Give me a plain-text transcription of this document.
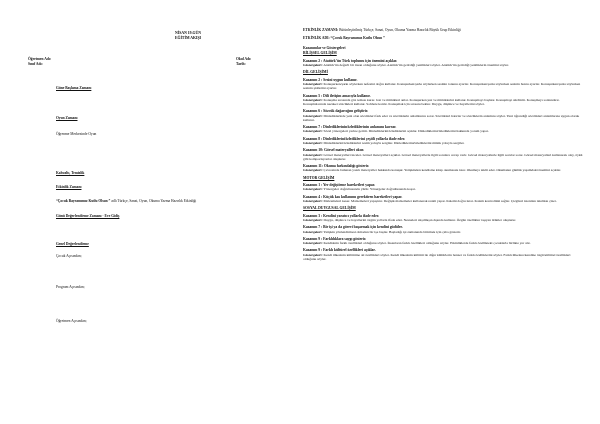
NİSAN 19.GÜN
EĞİTİM AKIŞI
Öğretmen Adı:
Sınıf Adı:
Okul Adı:
Tarih:
Güne Başlama Zamanı
Oyun Zamanı
Öğrenme Merkezinde Oyun
Kahvaltı, Temizlik
Etkinlik Zamanı
“Çocuk Bayramımız Kutlu Olsun ” adlı Türkçe, Sanat, Oyun, Okuma Yazma Hazırlık Etkinliği
Günü Değerlendirme Zamanı - Eve Gidiş
Genel Değerlendirme
Çocuk Açısından;
Program Açısından;
Öğretmen Açısından;
ETKİNLİK ZAMANI: Bütünleştirilmiş Türkçe, Sanat, Oyun, Okuma Yazma Hazırlık Büyük Grup Etkinliği
ETKİNLİK ADI: “Çocuk Bayramımız Kutlu Olsun ”
Kazanımlar ve Göstergeleri
BİLİŞSEL GELİŞİM
Kazanım 2 : Atatürk’ün Türk toplumu için önemini açıklar.
Göstergeleri: Atatürk’ün değerli bir insan olduğunu söyler. Atatürk’ün getirdiği yenilikleri söyler. Atatürk’ün getirdiği yeniliklerin önemini söyler.
DİL GELİŞİMİ
Kazanım 2 : Sesini uygun kullanır.
Göstergeleri: Konuşurken/şarkı söylerken nefesini doğru kullanır. Konuşurken/şarkı söylerken sesinin tonunu ayarlar. Konuşurken/şarkı söylerken sesinin hızını ayarlar. Konuşurken/şarkı söylerken sesinin şiddetini ayarlar.
Kazanım 5 : Dili iletişim amacıyla kullanır.
Göstergeleri: Konuşma sırasında göz teması kurar. Jest ve mimikleri anlar. Konuşurken jest ve mimiklerini kullanır. Konuşmayı başlatır. Konuşmayı sürdürür. Konuşmayı sonlandırır. Konuşmalarında nezaket sözcükleri kullanır. Sohbete katılır. Konuşmak için sırasını bekler. Duygu, düşünce ve hayallerini söyler.
Kazanım 6 : Sözcük dağarcığını geliştirir.
Göstergeleri: Dinlediklerinde yeni olan sözcükleri fark eder ve sözcüklerin anlamlarını sorar. Sözcükleri hatırlar ve sözcüklerin anlamını söyler. Yeni öğrendiği sözcükleri anlamlarına uygun olarak kullanır.
Kazanım 7 : Dinlediklerinin/izlediklerinin anlamını kavrar.
Göstergeleri: Sözel yönergeleri yerine getirir. Dinlediklerini/izlediklerini açıklar. Dinlediklerini/izlediklerini hakkında yorum yapar.
Kazanım 8 : Dinlediklerini/izlediklerini çeşitli yollarla ifade eder.
Göstergeleri: Dinlediklerini/izlediklerini resim yoluyla sergiler. Dinlediklerini/izlediklerini müzik yoluyla sergiler.
Kazanım 10: Görsel materyalleri okur.
Göstergeleri: Görsel materyalleri inceler. Görsel materyalleri açıklar. Görsel materyallerle ilgili sorulara cevap verir. Görsel materyallerle ilgili sorular sorar. Görsel materyalleri kullanarak olay, öykü gibi kompozisyonlar oluşturur.
Kazanım 11: Okuma farkındalığı gösterir.
Göstergeleri: Çevresinde bulunan yazılı materyaller hakkında konuşur. Yetişkinden kendisine kitap okumasını ister. Okumayı taklit eder. Okumanın günlük yaşamdaki önemini açıklar.
MOTOR GELİŞİM
Kazanım 1 : Yer değiştirme hareketleri yapar.
Göstergeleri: Yönergeler doğrultusunda yürür. Yönergeler doğrultusunda koşar.
Kazanım 4 : Küçük kas kullanımı gerektiren hareketleri yapar.
Göstergeleri: Malzemeleri keser. Malzemeleri yapıştırır. Değişik malzemeler kullanarak resim yapar. Kalemi doğru tutar. Kalem kontrolünü sağlar. Çizgileri istenilen nitelikte çizer.
SOSYAL DUYGUSAL GELİŞİM
Kazanım 3 : Kendini yaratıcı yollarla ifade eder.
Göstergeleri: Duygu, düşünce ve hayallerini özgün yollarla ifade eder. Nesneleri alışılmışın dışında kullanır. Özgün özellikler taşıyan ürünler oluşturur.
Kazanım 7 : Bir işi ya da görevi başarmak için kendini güdüler.
Göstergeleri: Yetişkin yönlendirmesi olmadan bir işe başlar. Başladığı işi zamanında bitirmek için çaba gösterir.
Kazanım 9 : Farklılıklara saygı gösterir.
Göstergeleri: Kendisinin farklı özellikleri olduğunu söyler. İnsanların farklı özellikleri olduğunu söyler. Etkinliklerde farklı özellikteki çocuklarla birlikte yer alır.
Kazanım 9 : Farklı kültürel özellikleri açıklar.
Göstergeleri: Kendi ülkesinin kültürüne ait özellikleri söyler. Kendi ülkesinin kültürü ile diğer kültürlerin benzer ve farklı özelliklerini söyler. Farklı ülkelere/kendine özgü kültürel özellikleri olduğunu söyler.
